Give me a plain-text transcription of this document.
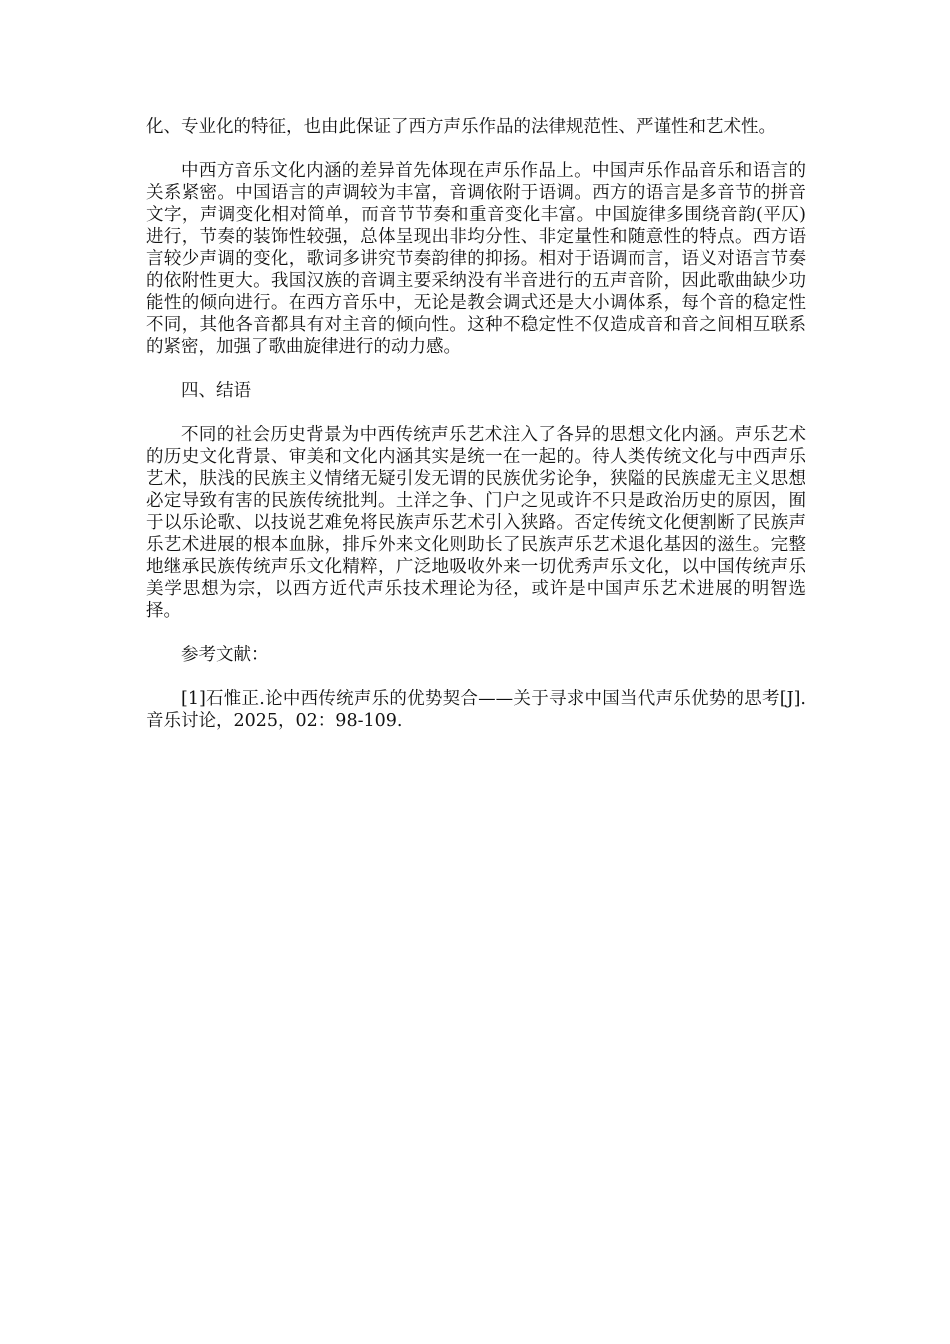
化、专业化的特征，也由此保证了西方声乐作品的法律规范性、严谨性和艺术性。

中西方音乐文化内涵的差异首先体现在声乐作品上。中国声乐作品音乐和语言的关系紧密。中国语言的声调较为丰富，音调依附于语调。西方的语言是多音节的拼音文字，声调变化相对简单，而音节节奏和重音变化丰富。中国旋律多围绕音韵(平仄)进行，节奏的装饰性较强，总体呈现出非均分性、非定量性和随意性的特点。西方语言较少声调的变化，歌词多讲究节奏韵律的抑扬。相对于语调而言，语义对语言节奏的依附性更大。我国汉族的音调主要采纳没有半音进行的五声音阶，因此歌曲缺少功能性的倾向进行。在西方音乐中，无论是教会调式还是大小调体系，每个音的稳定性不同，其他各音都具有对主音的倾向性。这种不稳定性不仅造成音和音之间相互联系的紧密，加强了歌曲旋律进行的动力感。

四、结语

不同的社会历史背景为中西传统声乐艺术注入了各异的思想文化内涵。声乐艺术的历史文化背景、审美和文化内涵其实是统一在一起的。待人类传统文化与中西声乐艺术，肤浅的民族主义情绪无疑引发无谓的民族优劣论争，狭隘的民族虚无主义思想必定导致有害的民族传统批判。土洋之争、门户之见或许不只是政治历史的原因，囿于以乐论歌、以技说艺难免将民族声乐艺术引入狭路。否定传统文化便割断了民族声乐艺术进展的根本血脉，排斥外来文化则助长了民族声乐艺术退化基因的滋生。完整地继承民族传统声乐文化精粹，广泛地吸收外来一切优秀声乐文化，以中国传统声乐美学思想为宗，以西方近代声乐技术理论为径，或许是中国声乐艺术进展的明智选择。

参考文献：

[1]石惟正.论中西传统声乐的优势契合——关于寻求中国当代声乐优势的思考[J].音乐讨论，2025，02：98-109.
